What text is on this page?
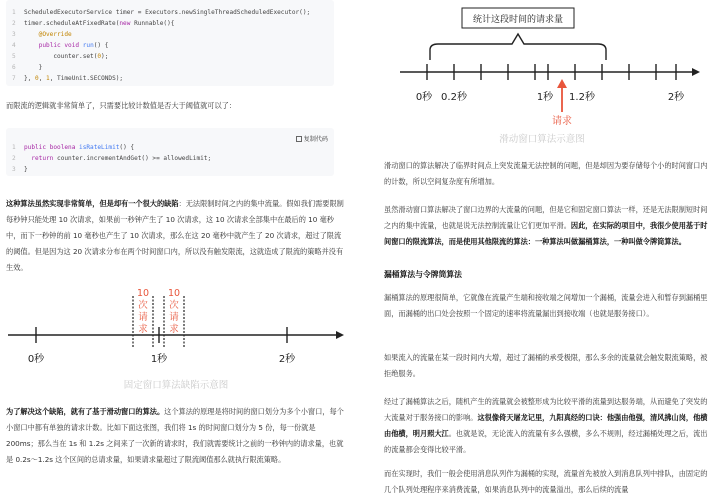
1	ScheduledExecutorService timer = Executors.newSingleThreadScheduledExecutor();
2	timer.scheduleAtFixedRate( new Runnable(){
3	@Override
4
	public
void
run () {
5	counter.set( 0 );
6	}
7	}, 0 , 1 , TimeUnit.SECONDS);

而限流的逻辑就非常简单了，只需要比较计数值是否大于阈值就可以了：

复制代码
1	public
boolena
isRateLimit () {
2
	return counter.incrementAndGet() >= allowedLimit;
3	}

这种算法虽然实现非常简单，但是却有一个很大的缺陷：无法限制时间之内的集中流量。假如我们需要限制每秒钟只能处理 10 次请求，如果前一秒钟产生了 10 次请求，这 10 次请求全部集中在最后的 10 毫秒中，而下一秒钟的前 10 毫秒也产生了 10 次请求，那么在这 20 毫秒中就产生了 20 次请求，超过了限流的阈值。但是因为这 20 次请求分布在两个时间窗口内，所以没有触发限流，这就造成了限流的策略并没有生效。

10
次
请
求
10
次
请
求
0秒	1秒	2秒
固定窗口算法缺陷示意图

为了解决这个缺陷，就有了基于滑动窗口的算法。这个算法的原理是将时间的窗口划分为多个小窗口，每个小窗口中都有单独的请求计数。比如下面这张图，我们将 1s 的时间窗口划分为 5 份，每一份就是 200ms；那么当在 1s 和 1.2s 之间来了一次新的请求时，我们就需要统计之前的一秒钟内的请求量，也就是 0.2s～1.2s 这个区间的总请求量，如果请求量超过了限流阈值那么就执行限流策略。

统计这段时间的请求量
0秒 0.2秒	1秒 1.2秒	2秒
请求
滑动窗口算法示意图

滑动窗口的算法解决了临界时间点上突发流量无法控制的问题，但是却因为要存储每个小的时间窗口内的计数，所以空间复杂度有所增加。

虽然滑动窗口算法解决了窗口边界的大流量的问题，但是它和固定窗口算法一样，还是无法限制短时间之内的集中流量，也就是说无法控制流量让它们更加平滑。因此，在实际的项目中，我很少使用基于时间窗口的限流算法，而是使用其他限流的算法：一种算法叫做漏桶算法，一种叫做令牌筒算法。

漏桶算法与令牌筒算法

漏桶算法的原理很简单，它就像在流量产生端和接收端之间增加一个漏桶，流量会进入和暂存到漏桶里面，而漏桶的出口处会按照一个固定的速率将流量漏出到接收端（也就是服务接口）。

如果流入的流量在某一段时间内大增，超过了漏桶的承受极限，那么多余的流量就会触发限流策略，被拒绝服务。

经过了漏桶算法之后，随机产生的流量就会被整形成为比较平滑的流量到达服务端，从而避免了突发的大流量对于服务接口的影响。这很像倚天屠龙记里，九阳真经的口诀：他强由他强，清风拂山岗，他横由他横，明月照大江。也就是说，无论流入的流量有多么强横，多么不规则，经过漏桶处理之后，流出的流量都会变得比较平滑。

而在实现时，我们一般会使用消息队列作为漏桶的实现，流量首先被放入到消息队列中排队，由固定的几个队列处理程序来消费流量，如果消息队列中的流量溢出，那么后续的流量
